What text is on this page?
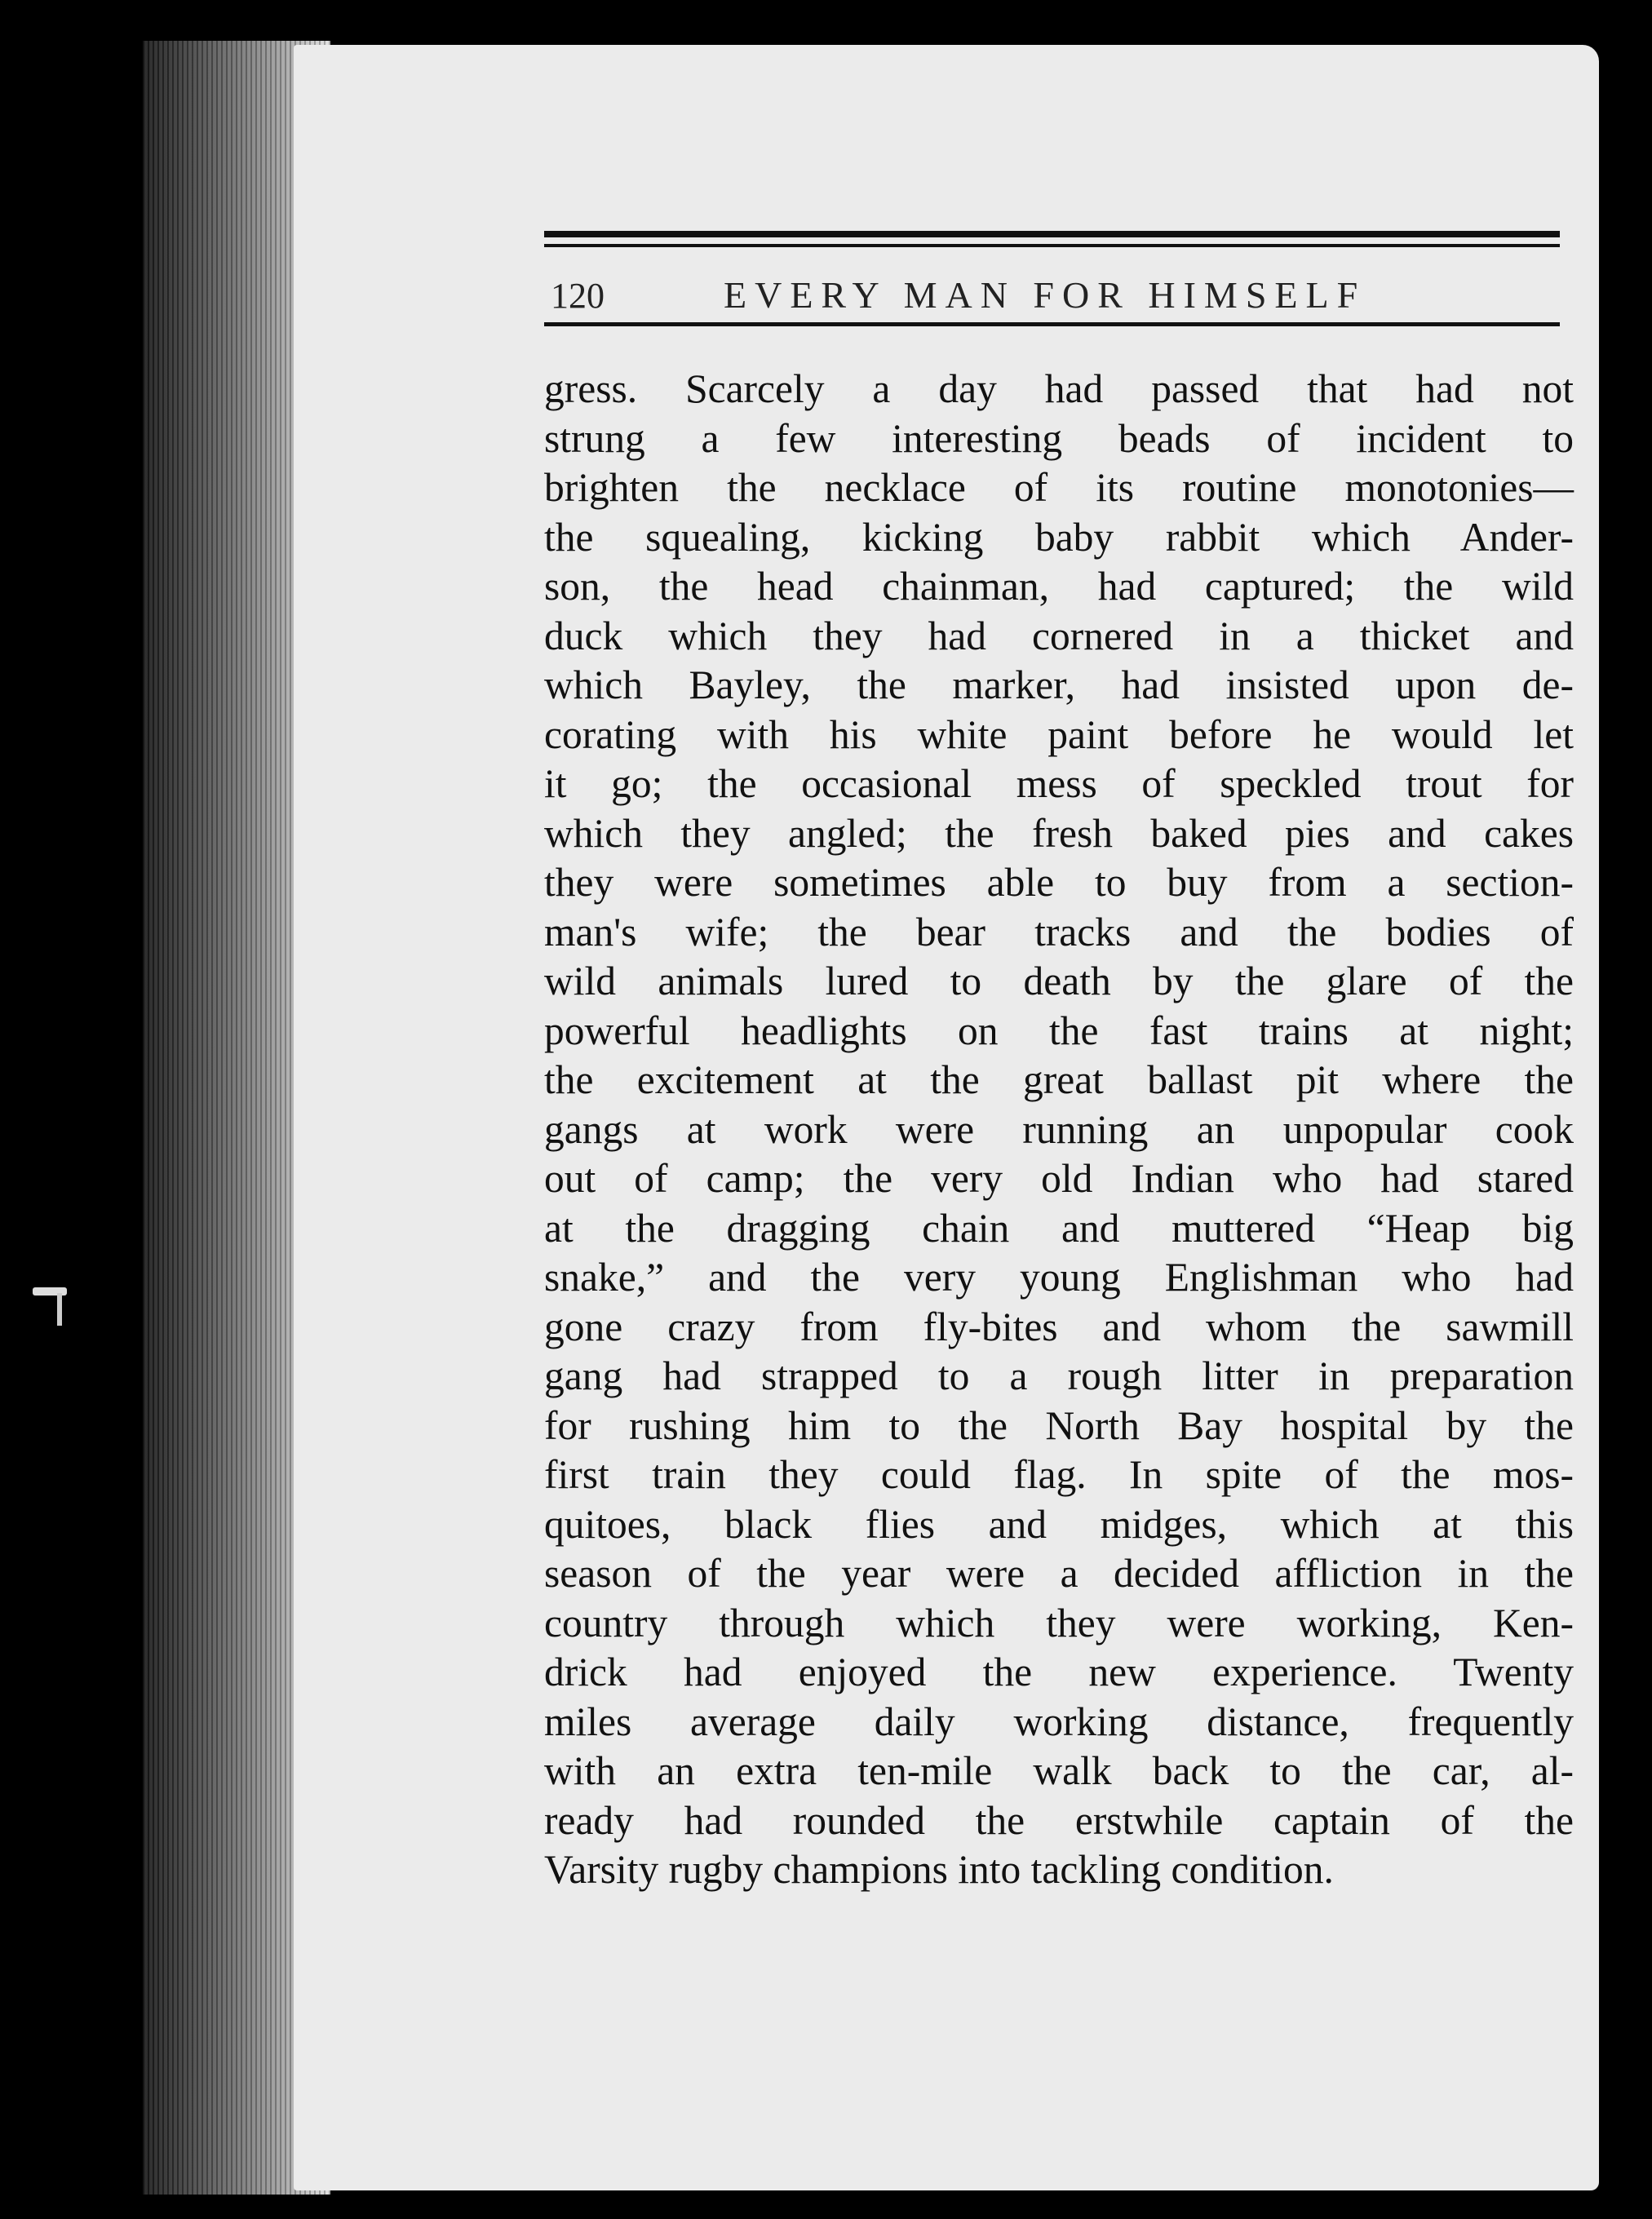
120	EVERY MAN FOR HIMSELF
gress. Scarcely a day had passed that had not
strung a few interesting beads of incident to
brighten the necklace of its routine monotonies—
the squealing, kicking baby rabbit which Ander-
son, the head chainman, had captured; the wild
duck which they had cornered in a thicket and
which Bayley, the marker, had insisted upon de-
corating with his white paint before he would let
it go; the occasional mess of speckled trout for
which they angled; the fresh baked pies and cakes
they were sometimes able to buy from a section-
man's wife; the bear tracks and the bodies of
wild animals lured to death by the glare of the
powerful headlights on the fast trains at night;
the excitement at the great ballast pit where the
gangs at work were running an unpopular cook
out of camp; the very old Indian who had stared
at the dragging chain and muttered “Heap big
snake,” and the very young Englishman who had
gone crazy from fly-bites and whom the sawmill
gang had strapped to a rough litter in preparation
for rushing him to the North Bay hospital by the
first train they could flag. In spite of the mos-
quitoes, black flies and midges, which at this
season of the year were a decided affliction in the
country through which they were working, Ken-
drick had enjoyed the new experience. Twenty
miles average daily working distance, frequently
with an extra ten-mile walk back to the car, al-
ready had rounded the erstwhile captain of the
Varsity rugby champions into tackling condition.
